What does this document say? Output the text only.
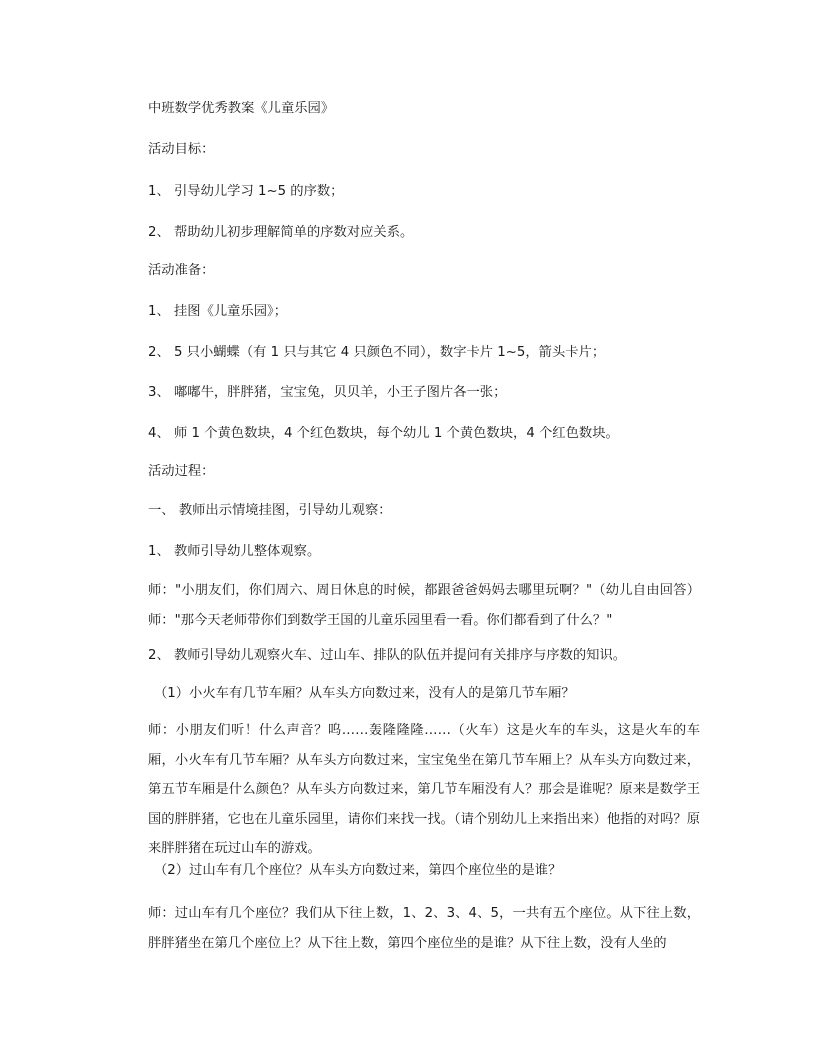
中班数学优秀教案《儿童乐园》
活动目标：
1、 引导幼儿学习 1~5 的序数；
2、 帮助幼儿初步理解简单的序数对应关系。
活动准备：
1、 挂图《儿童乐园》；
2、 5 只小蝴蝶（有 1 只与其它 4 只颜色不同），数字卡片 1~5，箭头卡片；
3、 嘟嘟牛，胖胖猪，宝宝兔，贝贝羊，小王子图片各一张；
4、 师 1 个黄色数块，4 个红色数块，每个幼儿 1 个黄色数块，4 个红色数块。
活动过程：
一、 教师出示情境挂图，引导幼儿观察：
1、 教师引导幼儿整体观察。
师："小朋友们，你们周六、周日休息的时候，都跟爸爸妈妈去哪里玩啊？"（幼儿自由回答）师："那今天老师带你们到数学王国的儿童乐园里看一看。你们都看到了什么？"
2、 教师引导幼儿观察火车、过山车、排队的队伍并提问有关排序与序数的知识。
（1）小火车有几节车厢？从车头方向数过来，没有人的是第几节车厢？
师：小朋友们听！什么声音？呜……轰隆隆隆……（火车）这是火车的车头，这是火车的车厢，小火车有几节车厢？从车头方向数过来，宝宝兔坐在第几节车厢上？从车头方向数过来，第五节车厢是什么颜色？从车头方向数过来，第几节车厢没有人？那会是谁呢？原来是数学王国的胖胖猪，它也在儿童乐园里，请你们来找一找。（请个别幼儿上来指出来）他指的对吗？原来胖胖猪在玩过山车的游戏。
（2）过山车有几个座位？从车头方向数过来，第四个座位坐的是谁？
师：过山车有几个座位？我们从下往上数，1、2、3、4、5，一共有五个座位。从下往上数，胖胖猪坐在第几个座位上？从下往上数，第四个座位坐的是谁？从下往上数，没有人坐的
